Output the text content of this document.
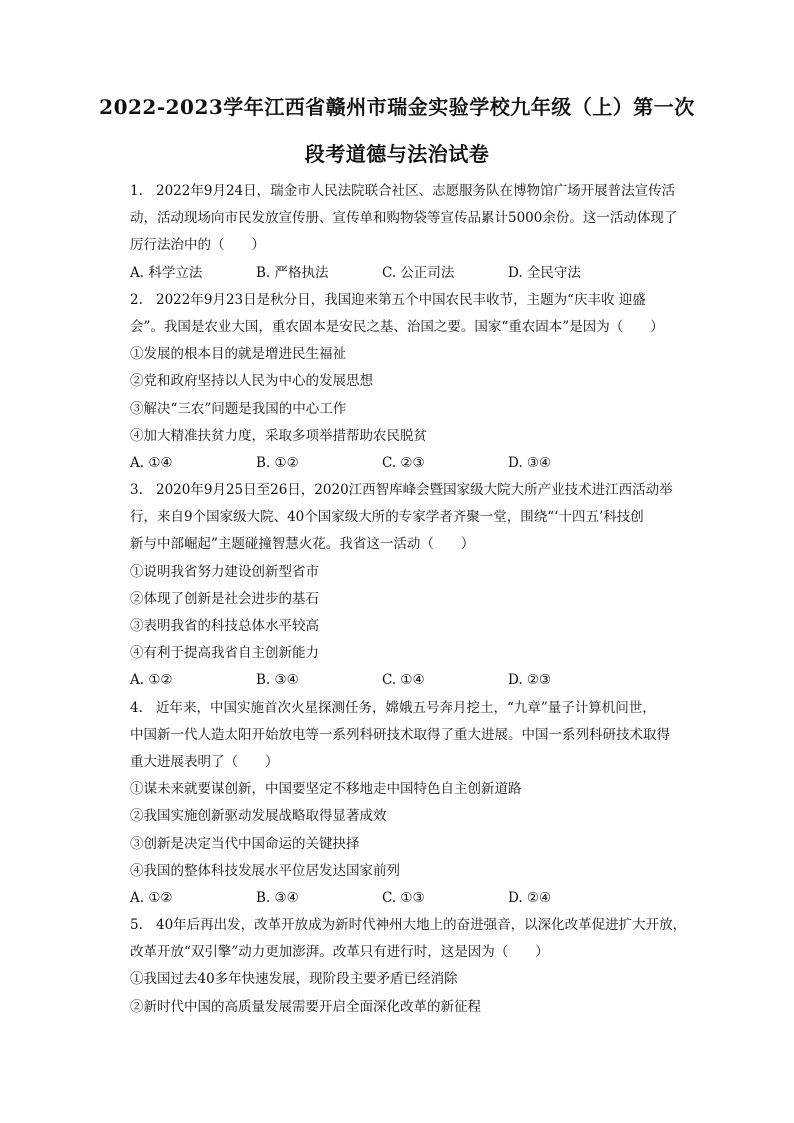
2022-2023学年江西省赣州市瑞金实验学校九年级（上）第一次
段考道德与法治试卷
1. 2022年9月24日，瑞金市人民法院联合社区、志愿服务队在博物馆广场开展普法宣传活
动，活动现场向市民发放宣传册、宣传单和购物袋等宣传品累计5000余份。这一活动体现了
厉行法治中的（　　）
A. 科学立法	B. 严格执法	C. 公正司法	D. 全民守法
2. 2022年9月23日是秋分日，我国迎来第五个中国农民丰收节，主题为“庆丰收 迎盛
会”。我国是农业大国，重农固本是安民之基、治国之要。国家“重农固本”是因为（　　）
①发展的根本目的就是增进民生福祉
②党和政府坚持以人民为中心的发展思想
③解决“三农”问题是我国的中心工作
④加大精准扶贫力度，采取多项举措帮助农民脱贫
A. ①④	B. ①②	C. ②③	D. ③④
3. 2020年9月25日至26日，2020江西智库峰会暨国家级大院大所产业技术进江西活动举
行，来自9个国家级大院、40个国家级大所的专家学者齐聚一堂，围绕“‘十四五’科技创
新与中部崛起”主题碰撞智慧火花。我省这一活动（　　）
①说明我省努力建设创新型省市
②体现了创新是社会进步的基石
③表明我省的科技总体水平较高
④有利于提高我省自主创新能力
A. ①②	B. ③④	C. ①④	D. ②③
4. 近年来，中国实施首次火星探测任务，嫦娥五号奔月挖土，“九章”量子计算机问世，
中国新一代人造太阳开始放电等一系列科研技术取得了重大进展。中国一系列科研技术取得
重大进展表明了（　　）
①谋未来就要谋创新，中国要坚定不移地走中国特色自主创新道路
②我国实施创新驱动发展战略取得显著成效
③创新是决定当代中国命运的关键抉择
④我国的整体科技发展水平位居发达国家前列
A. ①②	B. ③④	C. ①③	D. ②④
5. 40年后再出发，改革开放成为新时代神州大地上的奋进强音，以深化改革促进扩大开放，
改革开放“双引擎”动力更加澎湃。改革只有进行时，这是因为（　　）
①我国过去40多年快速发展，现阶段主要矛盾已经消除
②新时代中国的高质量发展需要开启全面深化改革的新征程
